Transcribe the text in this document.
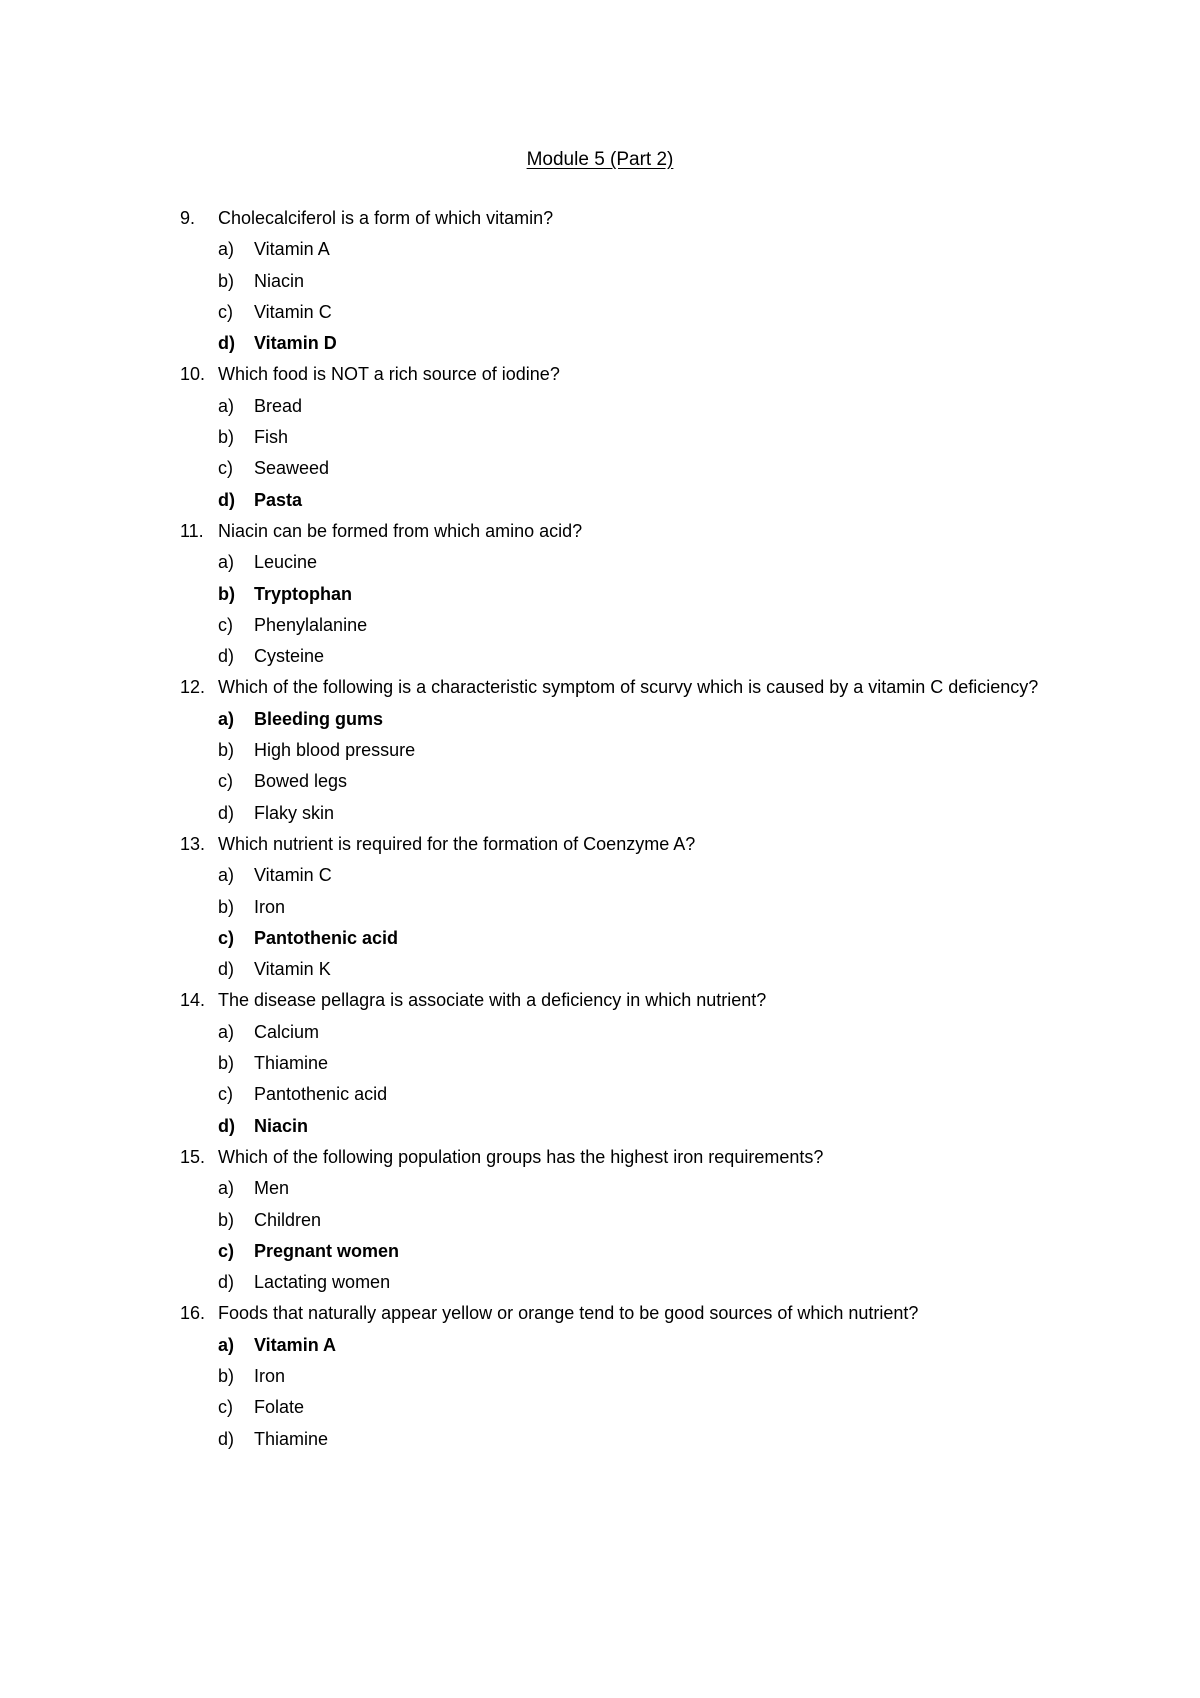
Module 5 (Part 2)
9.	Cholecalciferol is a form of which vitamin?
a)	Vitamin A
b)	Niacin
c)	Vitamin C
d)	Vitamin D
10. Which food is NOT a rich source of iodine?
a)	Bread
b)	Fish
c)	Seaweed
d)	Pasta
11. Niacin can be formed from which amino acid?
a)	Leucine
b)	Tryptophan
c)	Phenylalanine
d)	Cysteine
12. Which of the following is a characteristic symptom of scurvy which is caused by a vitamin C deficiency?
a)	Bleeding gums
b)	High blood pressure
c)	Bowed legs
d)	Flaky skin
13. Which nutrient is required for the formation of Coenzyme A?
a)	Vitamin C
b)	Iron
c)	Pantothenic acid
d)	Vitamin K
14. The disease pellagra is associate with a deficiency in which nutrient?
a)	Calcium
b)	Thiamine
c)	Pantothenic acid
d)	Niacin
15. Which of the following population groups has the highest iron requirements?
a)	Men
b)	Children
c)	Pregnant women
d)	Lactating women
16. Foods that naturally appear yellow or orange tend to be good sources of which nutrient?
a)	Vitamin A
b)	Iron
c)	Folate
d)	Thiamine
